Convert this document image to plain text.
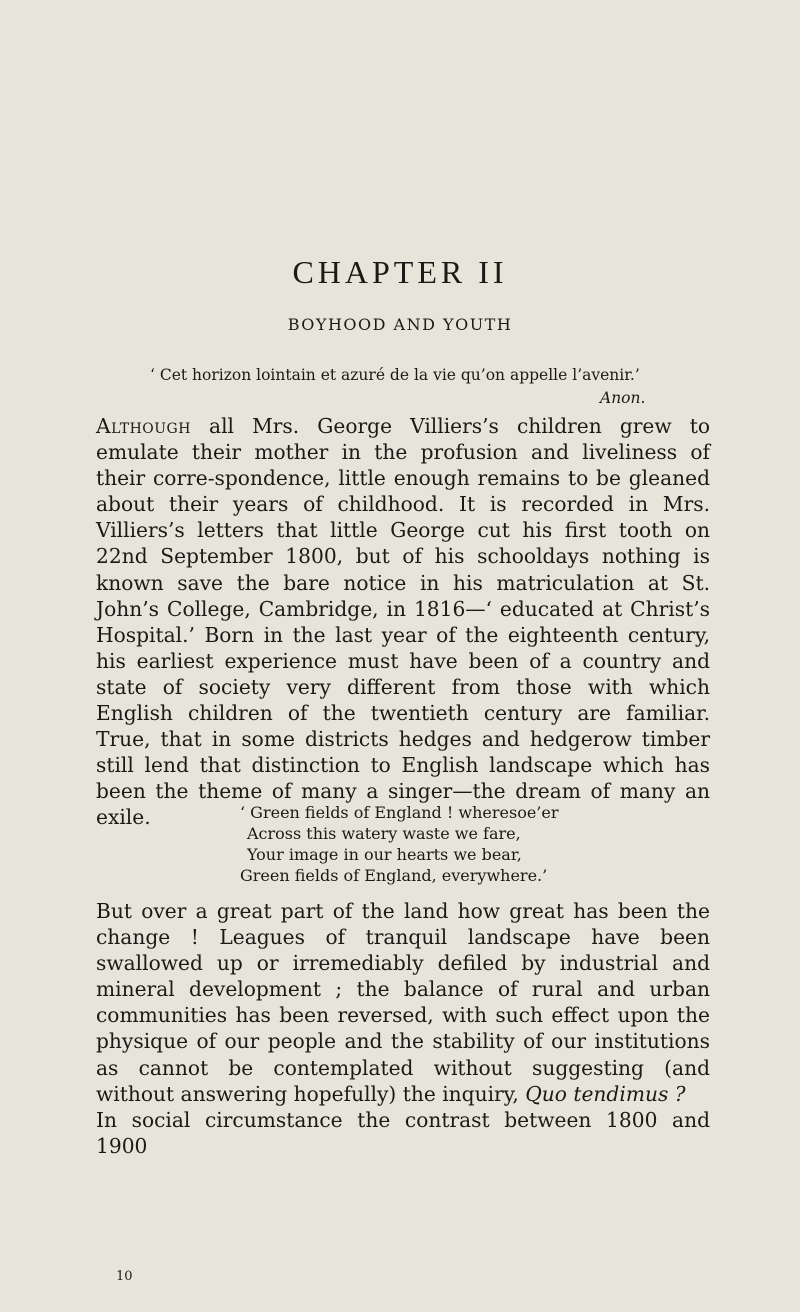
CHAPTER II
BOYHOOD AND YOUTH
‘ Cet horizon lointain et azuré de la vie qu’on appelle l’avenir.’
Anon.
Although all Mrs. George Villiers’s children grew to emulate their mother in the profusion and liveliness of their corre-spondence, little enough remains to be gleaned about their years of childhood. It is recorded in Mrs. Villiers’s letters that little George cut his first tooth on 22nd September 1800, but of his schooldays nothing is known save the bare notice in his matriculation at St. John’s College, Cambridge, in 1816—‘ educated at Christ’s Hospital.’ Born in the last year of the eighteenth century, his earliest experience must have been of a country and state of society very different from those with which English children of the twentieth century are familiar. True, that in some districts hedges and hedgerow timber still lend that distinction to English landscape which has been the theme of many a singer—the dream of many an exile.	‘ Green fields of England ! wheresoe’er
Across this watery waste we fare,
Your image in our hearts we bear,
Green fields of England, everywhere.’
But over a great part of the land how great has been the change ! Leagues of tranquil landscape have been swallowed up or irremediably defiled by industrial and mineral development ; the balance of rural and urban communities has been reversed, with such effect upon the physique of our people and the stability of our institutions as cannot be contemplated without suggesting (and without answering hopefully) the inquiry, Quo tendimus ?
In social circumstance the contrast between 1800 and 1900
10
